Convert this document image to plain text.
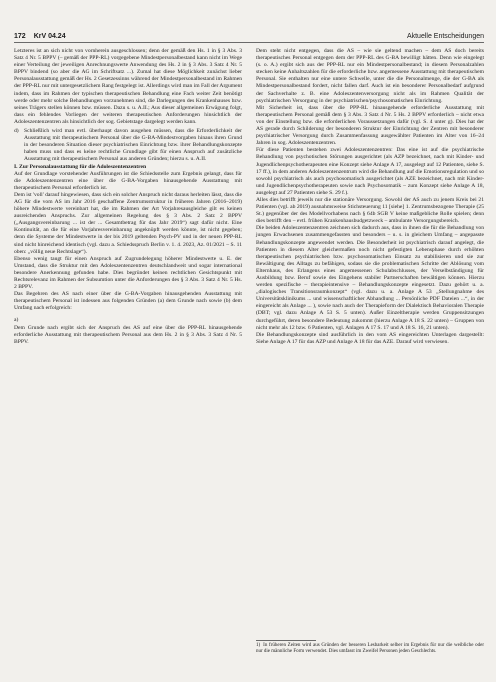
172 KrV 04.24	Aktuelle Entscheidungen

Letzteres ist an sich nicht von vornherein ausgeschlossen; denn der gemäß den Hs. 1 in § 3 Abs. 3 Satz 4 Nr. 5 BPPV (– gemäß der PPP-RL) vorgegebene Mindestpersonalbestand kann nicht im Wege einer Verteilung der jeweiligen Anrechnungswerte Anwendung des Hs. 2 in § 3 Abs. 3 Satz 4 Nr. 5 BPPV bindend (so aber die AG im Schriftsatz ...). Zumal hat diese Möglichkeit zunächst lieber Personalausstattung gemäß der Hs. 2 Gesetzessinns während der Mindestpersonalbestand im Rahmen der PPP-RL nur mit untergesetzlichem Rang festgelegt ist. Allerdings wird man im Fall der Argument indem, dass im Rahmen der typischen therapeutischen Behandlung eine Fach weiter Zeit benötigt werde oder mehr solche Behandlungen vorzunehmen sind, die Darlegungen des Krankenhauses bzw. seines Trägers stellen können bzw. müssen. Dazu s. u. A.II.; Aus dieser allgemeinen Erwägung folgt, dass ein fehlendes Vorliegen der weiteren therapeutischen Anforderungen hinsichtlich der Adoleszentenzentren als hinsichtlich der sog. Gebietstage dargelegt werden kann.

d) Schließlich wird man evtl. überhaupt davon ausgehen müssen, dass die Erforderlichkeit der Ausstattung mit therapeutischem Personal über die G-BA-Mindestvorgaben hinaus ihren Grund in der besonderen Situation dieser psychiatrischen Einrichtung bzw. ihrer Behandlungskonzepte haben muss und dass es keine rechtliche Grundlage gibt für einen Anspruch auf zusätzliche Ausstattung mit therapeutischem Personal aus anderen Gründen; hierzu s. u. A.II.

I. Zur Personalausstattung für die Adoleszentenzentren

Auf der Grundlage vorstehender Ausführungen ist die Schiedsstelle zum Ergebnis gelangt, dass für die Adoleszentenzentren eine über die G-BA-Vorgaben hinausgehende Ausstattung mit therapeutischem Personal erforderlich ist.

Dem ist 'voll' darauf hingewiesen, dass sich ein solcher Anspruch nicht daraus herleiten lässt, dass die AG für die vom AS im Jahr 2016 geschaffene Zentrumsstruktur in früheren Jahren (2016–2019) höhere Mindestwerte vereinbart hat, die im Rahmen der Art Vorjahresausgleiche gilt es keinen ausreichenden Anspruchs. Zur allgemeinen Regelung des § 3 Abs. 2 Satz 2 BPPV („Ausgangsvereinbarung ... ist der ... Gesamtbetrag für das Jahr 2019“) sagt dafür nicht. Eine Kontinuität, an die für eine Vorjahresvereinbarung angeknüpft werden könnte, ist nicht gegeben; denn die Systeme der Mindestwerte in der bis 2019 geltenden Psych-PV und in der neuen PPP-RL sind nicht hinreichend identisch (vgl. dazu a. Schiedsspruch Berlin v. 1. 4. 2023, Az. 01/2021 – S. 11 oben: „völlig neue Rechtslage“).

Ebenso wenig taugt für einen Anspruch auf Zugrundelegung höherer Mindestwerte u. E. der Umstand, dass die Struktur mit den Adoleszentenzentren deutschlandweit und sogar international besondere Anerkennung gefunden habe. Dies begründet keinen rechtlichen Gesichtspunkt mit Rechtsrelevanz im Rahmen der Subsumtion unter die Anforderungen des § 3 Abs. 3 Satz 4 Nr. 5 Hs. 2 BPPV.

Das Begehren des AS nach einer über die G-BA-Vorgaben hinausgehenden Ausstattung mit therapeutischem Personal ist indessen aus folgenden Gründen (a) dem Grunde nach sowie (b) dem Umfang nach erfolgreich:

a)

Dem Grunde nach ergibt sich der Anspruch des AS auf eine über die PPP-RL hinausgehende erforderliche Ausstattung mit therapeutischem Personal aus dem Hs. 2 in § 3 Abs. 3 Satz 4 Nr. 5 BPPV.

Dem steht nicht entgegen, dass die AS – wie sie geltend machen – dem AS doch bereits therapeutisches Personal entgegen dem der PPP-RL des G-BA bewilligt hätten. Denn wie eingelegt (s. o. A.) ergibt sich aus der PPP-RL nur ein Mindestpersonalbestand; in diesem Personalzahlen stecken keine Anhaltszahlen für die erforderliche bzw. angemessene Ausstattung mit therapeutischem Personal. Sie enthalten nur eine untere Schwelle, unter die die Personalmenge, die der G-BA als Mindestpersonalbestand fordert, nicht fallen darf. Auch ist ein besonderer Personalbedarf aufgrund der Sachverhalte z. B. eine Adoleszentenversorgung nicht als im Rahmen Qualität der psychiatrischen Versorgung in der psychiatrischen/psychosomatischen Einrichtung.

Mit Sicherheit ist, dass über die PPP-RL hinausgehende erforderliche Ausstattung mit therapeutischem Personal gemäß dem § 3 Abs. 3 Satz 4 Nr. 5 Hs. 2 BPPV erforderlich – nicht etwa von der Einstellung bzw. die erforderlichen Voraussetzungen dafür (vgl. S. 4 unter g). Dies hat der AS gerade durch Schilderung der besonderen Struktur der Einrichtung der Zentren mit besonderer psychiatrischer Versorgung durch Zusammenfassung ausgewählter Patienten im Alter von 16–24 Jahren in sog. Adoleszentenzentren.

Für diese Patienten bestehen zwei Adoleszentenzentren: Das eine ist auf die psychiatrische Behandlung von psychotischen Störungen ausgerichtet (als AZP bezeichnet, nach mit Kinder- und Jugendlichenpsychotherapeuten eine Konzept siehe Anlage A 17, ausgelegt auf 12 Patienten, siehe S. 17 ff.), in dem anderen Adoleszentenzentrum wird die Behandlung auf die Emotionsregulation und so sowohl psychiatrisch als auch psychosomatisch ausgerichtet (als AZE bezeichnet, nach mit Kinder- und Jugendlichenpsychotherapeuten sowie nach Psychosomatik – zum Konzept siehe Anlage A 18, ausgelegt auf 27 Patienten siehe S. 29 f.).

Alles dies betrifft jeweils nur die stationäre Versorgung. Sowohl der AS auch zu jenem Kreis bei 21 Patienten (vgl. ab 2019) ausnahmsweise Stichsteuerung 11 [siehe] 1. Zentrumsbezogene Therapie (25 St.) gegenüber der des Modellvorhabens nach § 64b SGB V keine maßgebliche Rolle spielen; denn dies betrifft den – evtl. frühen Krankenhausbudgetzweck – ambulante Versorgungsbereich.

Die beiden Adoleszentenzentren zeichnen sich dadurch aus, dass in ihnen die für die Behandlung von jungen Erwachsenen zusammengefassten und besonders – u. s. in gleichem Umfang – angepasste Behandlungskonzepte angewendet werden. Die Besonderheit ist psychiatrisch darauf angelegt, die Patienten in diesem Alter gleichermaßen noch nicht gefestigten Lebensphase durch erhöhten therapeutischen psychiatrischen bzw. psychosomatischen Einsatz zu stabilisieren und sie zur Bewältigung des Alltags zu befähigen, sodass sie die problematischen Schritte der Ablösung vom Elternhaus, des Erlangens eines angemessenen Schulabschlusses, der Verselbständigung für Ausbildung bzw. Beruf sowie des Eingehens stabiler Partnerschaften bewältigen können. Hierzu werden spezifische – therapieintensive – Behandlungskonzepte eingesetzt. Dazu gehört u. a. „dialogisches Transitionsraumkonzept“ (vgl. dazu u. a. Anlage A 53 „Stellungnahme des Universitätsklinikums ... und wissenschaftlicher Abhandlung ... Persönliche PDF Dateien ...“, in der eingereicht als Anlage ... ), sowie nach auch der Therapieform der Dialektisch Behavioralen Therapie (DBT; vgl. dazu Anlage A 53 S. 5 unten). Außer Einzeltherapie werden Gruppensitzungen durchgeführt, deren besondere Bedeutung zukommt (hierzu Anlage A 18 S. 22 unten) – Gruppen von nicht mehr als 12 bzw. 6 Patienten, vgl. Anlagen A 17 S. 17 und A 18 S. 16, 21 unten).

Die Behandlungskonzepte sind ausführlich in den vom AS eingereichten Unterlagen dargestellt: Siehe Anlage A 17 für das AZP und Anlage A 18 für das AZE. Darauf wird verwiesen.

1) In früheren Zeiten wird aus Gründen der besseren Lesbarkeit selber im Ergebnis für nur die weibliche oder nur die männliche Form verwendet. Dies umfasst im Zweifel Personen jeden Geschlechts.
